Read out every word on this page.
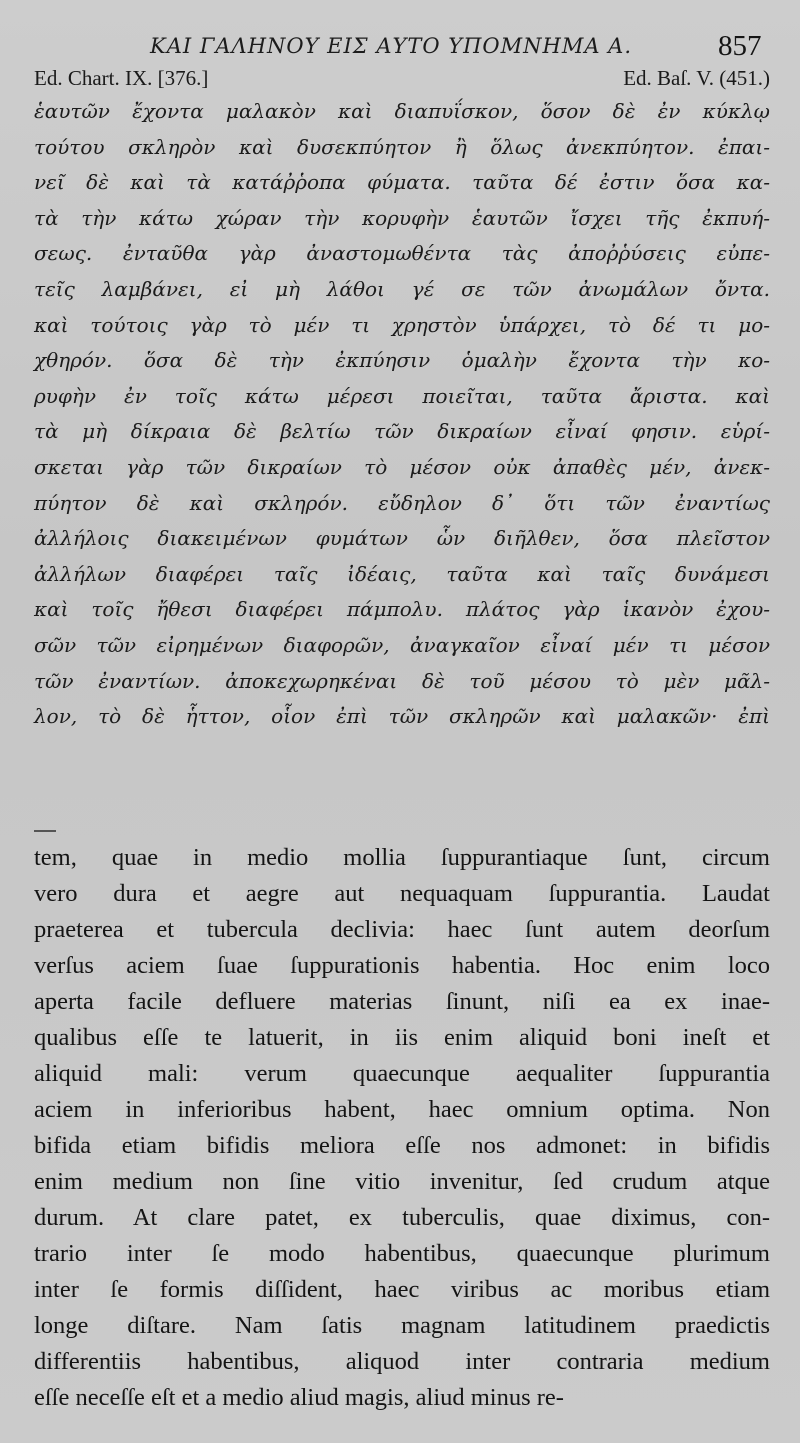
ΚΑΙ ΓΑΛΗΝΟΥ ΕΙΣ ΑΥΤΟ ΥΠΟΜΝΗΜΑ Α.	857
Ed. Chart. IX. [376.]	Ed. Baſ. V. (451.)
ἑαυτῶν ἔχοντα μαλακὸν καὶ διαπυΐσκον, ὅσον δὲ ἐν κύκλῳ
τούτου σκληρὸν καὶ δυσεκπύητον ἢ ὅλως ἀνεκπύητον. ἐπαι-
νεῖ δὲ καὶ τὰ κατάῤῥοπα φύματα. ταῦτα δέ ἐστιν ὅσα κα-
τὰ τὴν κάτω χώραν τὴν κορυφὴν ἑαυτῶν ἴσχει τῆς ἐκπυή-
σεως. ἐνταῦθα γὰρ ἀναστομωθέντα τὰς ἀποῤῥύσεις εὐπε-
τεῖς λαμβάνει, εἰ μὴ λάθοι γέ σε τῶν ἀνωμάλων ὄντα.
καὶ τούτοις γὰρ τὸ μέν τι χρηστὸν ὑπάρχει, τὸ δέ τι μο-
χθηρόν. ὅσα δὲ τὴν ἐκπύησιν ὁμαλὴν ἔχοντα τὴν κο-
ρυφὴν ἐν τοῖς κάτω μέρεσι ποιεῖται, ταῦτα ἄριστα. καὶ
τὰ μὴ δίκραια δὲ βελτίω τῶν δικραίων εἶναί φησιν. εὑρί-
σκεται γὰρ τῶν δικραίων τὸ μέσον οὐκ ἀπαθὲς μέν, ἀνεκ-
πύητον δὲ καὶ σκληρόν. εὔδηλον δ᾽ ὅτι τῶν ἐναντίως
ἀλλήλοις διακειμένων φυμάτων ὧν διῆλθεν, ὅσα πλεῖστον
ἀλλήλων διαφέρει ταῖς ἰδέαις, ταῦτα καὶ ταῖς δυνάμεσι
καὶ τοῖς ἤθεσι διαφέρει πάμπολυ. πλάτος γὰρ ἱκανὸν ἐχου-
σῶν τῶν εἰρημένων διαφορῶν, ἀναγκαῖον εἶναί μέν τι μέσον
τῶν ἐναντίων. ἀποκεχωρηκέναι δὲ τοῦ μέσου τὸ μὲν μᾶλ-
λον, τὸ δὲ ἧττον, οἷον ἐπὶ τῶν σκληρῶν καὶ μαλακῶν· ἐπὶ
tem, quae in medio mollia ſuppurantiaque ſunt, circum
vero dura et aegre aut nequaquam ſuppurantia. Laudat
praeterea et tubercula declivia: haec ſunt autem deorſum
verſus aciem ſuae ſuppurationis habentia. Hoc enim loco
aperta facile defluere materias ſinunt, niſi ea ex inae-
qualibus eſſe te latuerit, in iis enim aliquid boni ineſt et
aliquid mali: verum quaecunque aequaliter ſuppurantia
aciem in inferioribus habent, haec omnium optima. Non
bifida etiam bifidis meliora eſſe nos admonet: in bifidis
enim medium non ſine vitio invenitur, ſed crudum atque
durum. At clare patet, ex tuberculis, quae diximus, con-
trario inter ſe modo habentibus, quaecunque plurimum
inter ſe formis diſſident, haec viribus ac moribus etiam
longe diſtare. Nam ſatis magnam latitudinem praedictis
differentiis habentibus, aliquod inter contraria medium
eſſe neceſſe eſt et a medio aliud magis, aliud minus re-
